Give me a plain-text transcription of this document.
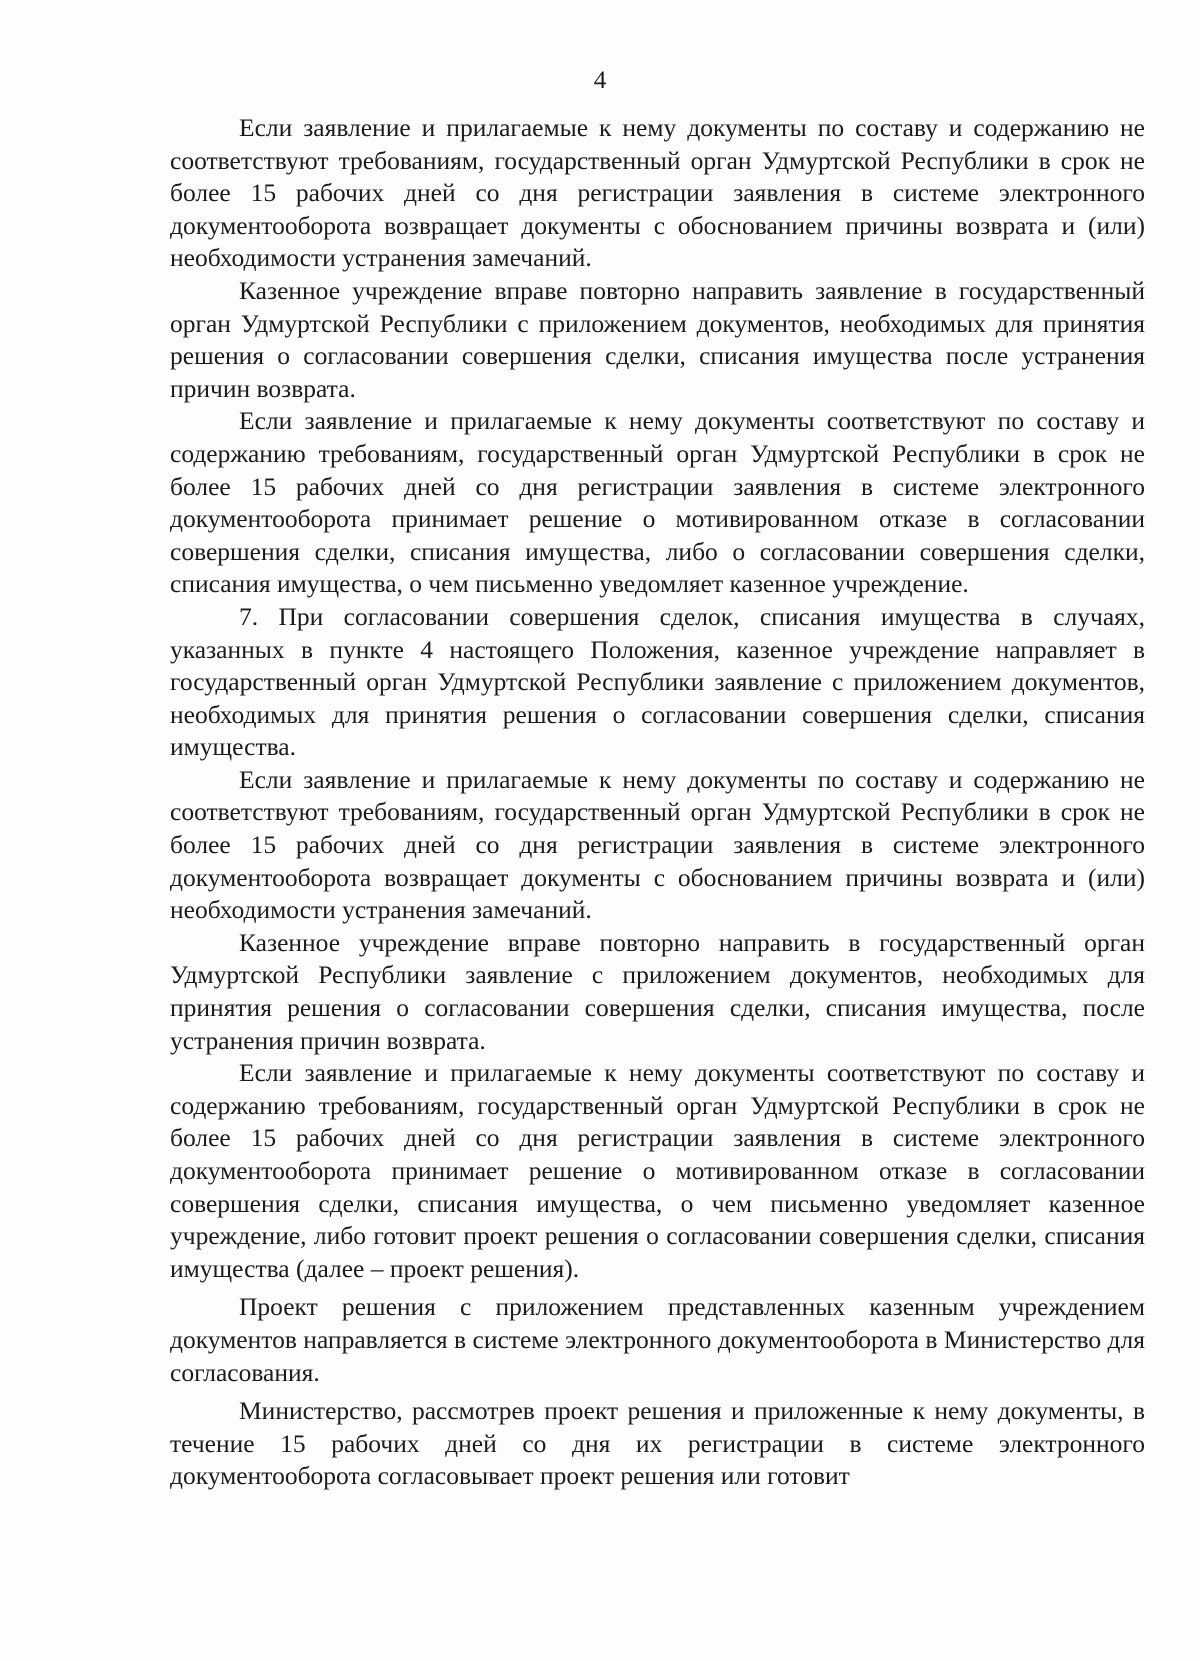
4

Если заявление и прилагаемые к нему документы по составу и содержанию не соответствуют требованиям, государственный орган Удмуртской Республики в срок не более 15 рабочих дней со дня регистрации заявления в системе электронного документооборота возвращает документы с обоснованием причины возврата и (или) необходимости устранения замечаний.

Казенное учреждение вправе повторно направить заявление в государственный орган Удмуртской Республики с приложением документов, необходимых для принятия решения о согласовании совершения сделки, списания имущества после устранения причин возврата.

Если заявление и прилагаемые к нему документы соответствуют по составу и содержанию требованиям, государственный орган Удмуртской Республики в срок не более 15 рабочих дней со дня регистрации заявления в системе электронного документооборота принимает решение о мотивированном отказе в согласовании совершения сделки, списания имущества, либо о согласовании совершения сделки, списания имущества, о чем письменно уведомляет казенное учреждение.

7. При согласовании совершения сделок, списания имущества в случаях, указанных в пункте 4 настоящего Положения, казенное учреждение направляет в государственный орган Удмуртской Республики заявление с приложением документов, необходимых для принятия решения о согласовании совершения сделки, списания имущества.

Если заявление и прилагаемые к нему документы по составу и содержанию не соответствуют требованиям, государственный орган Удмуртской Республики в срок не более 15 рабочих дней со дня регистрации заявления в системе электронного документооборота возвращает документы с обоснованием причины возврата и (или) необходимости устранения замечаний.

Казенное учреждение вправе повторно направить в государственный орган Удмуртской Республики заявление с приложением документов, необходимых для принятия решения о согласовании совершения сделки, списания имущества, после устранения причин возврата.

Если заявление и прилагаемые к нему документы соответствуют по составу и содержанию требованиям, государственный орган Удмуртской Республики в срок не более 15 рабочих дней со дня регистрации заявления в системе электронного документооборота принимает решение о мотивированном отказе в согласовании совершения сделки, списания имущества, о чем письменно уведомляет казенное учреждение, либо готовит проект решения о согласовании совершения сделки, списания имущества (далее – проект решения).

Проект решения с приложением представленных казенным учреждением документов направляется в системе электронного документооборота в Министерство для согласования.

Министерство, рассмотрев проект решения и приложенные к нему документы, в течение 15 рабочих дней со дня их регистрации в системе электронного документооборота согласовывает проект решения или готовит
